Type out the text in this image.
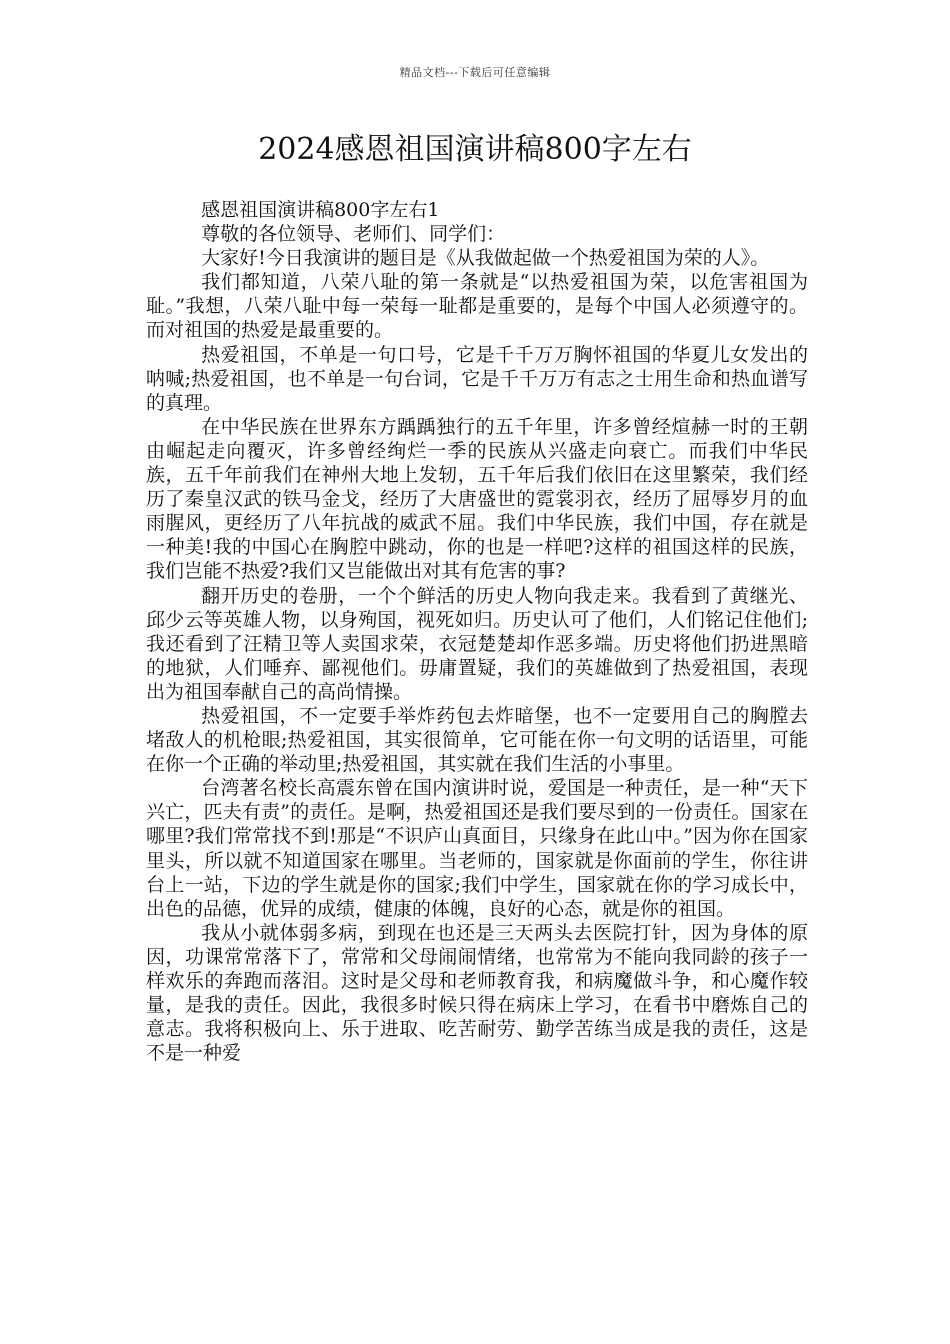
精品文档---下载后可任意编辑
2024感恩祖国演讲稿800字左右

感恩祖国演讲稿800字左右1

尊敬的各位领导、老师们、同学们：

大家好!今日我演讲的题目是《从我做起做一个热爱祖国为荣的人》。

我们都知道，八荣八耻的第一条就是“以热爱祖国为荣，以危害祖国为耻。”我想，八荣八耻中每一荣每一耻都是重要的，是每个中国人必须遵守的。而对祖国的热爱是最重要的。

热爱祖国，不单是一句口号，它是千千万万胸怀祖国的华夏儿女发出的呐喊;热爱祖国，也不单是一句台词，它是千千万万有志之士用生命和热血谱写的真理。

在中华民族在世界东方踽踽独行的五千年里，许多曾经煊赫一时的王朝由崛起走向覆灭，许多曾经绚烂一季的民族从兴盛走向衰亡。而我们中华民族，五千年前我们在神州大地上发轫，五千年后我们依旧在这里繁荣，我们经历了秦皇汉武的铁马金戈，经历了大唐盛世的霓裳羽衣，经历了屈辱岁月的血雨腥风，更经历了八年抗战的威武不屈。我们中华民族，我们中国，存在就是一种美!我的中国心在胸腔中跳动，你的也是一样吧?这样的祖国这样的民族，我们岂能不热爱?我们又岂能做出对其有危害的事?

翻开历史的卷册，一个个鲜活的历史人物向我走来。我看到了黄继光、邱少云等英雄人物，以身殉国，视死如归。历史认可了他们，人们铭记住他们;我还看到了汪精卫等人卖国求荣，衣冠楚楚却作恶多端。历史将他们扔进黑暗的地狱，人们唾弃、鄙视他们。毋庸置疑，我们的英雄做到了热爱祖国，表现出为祖国奉献自己的高尚情操。

热爱祖国，不一定要手举炸药包去炸暗堡，也不一定要用自己的胸膛去堵敌人的机枪眼;热爱祖国，其实很简单，它可能在你一句文明的话语里，可能在你一个正确的举动里;热爱祖国，其实就在我们生活的小事里。

台湾著名校长高震东曾在国内演讲时说，爱国是一种责任，是一种“天下兴亡，匹夫有责”的责任。是啊，热爱祖国还是我们要尽到的一份责任。国家在哪里?我们常常找不到!那是“不识庐山真面目，只缘身在此山中。”因为你在国家里头，所以就不知道国家在哪里。当老师的，国家就是你面前的学生，你往讲台上一站，下边的学生就是你的国家;我们中学生，国家就在你的学习成长中，出色的品德，优异的成绩，健康的体魄，良好的心态，就是你的祖国。

我从小就体弱多病，到现在也还是三天两头去医院打针，因为身体的原因，功课常常落下了，常常和父母闹闹情绪，也常常为不能向我同龄的孩子一样欢乐的奔跑而落泪。这时是父母和老师教育我，和病魔做斗争，和心魔作较量，是我的责任。因此，我很多时候只得在病床上学习，在看书中磨炼自己的意志。我将积极向上、乐于进取、吃苦耐劳、勤学苦练当成是我的责任，这是不是一种爱
